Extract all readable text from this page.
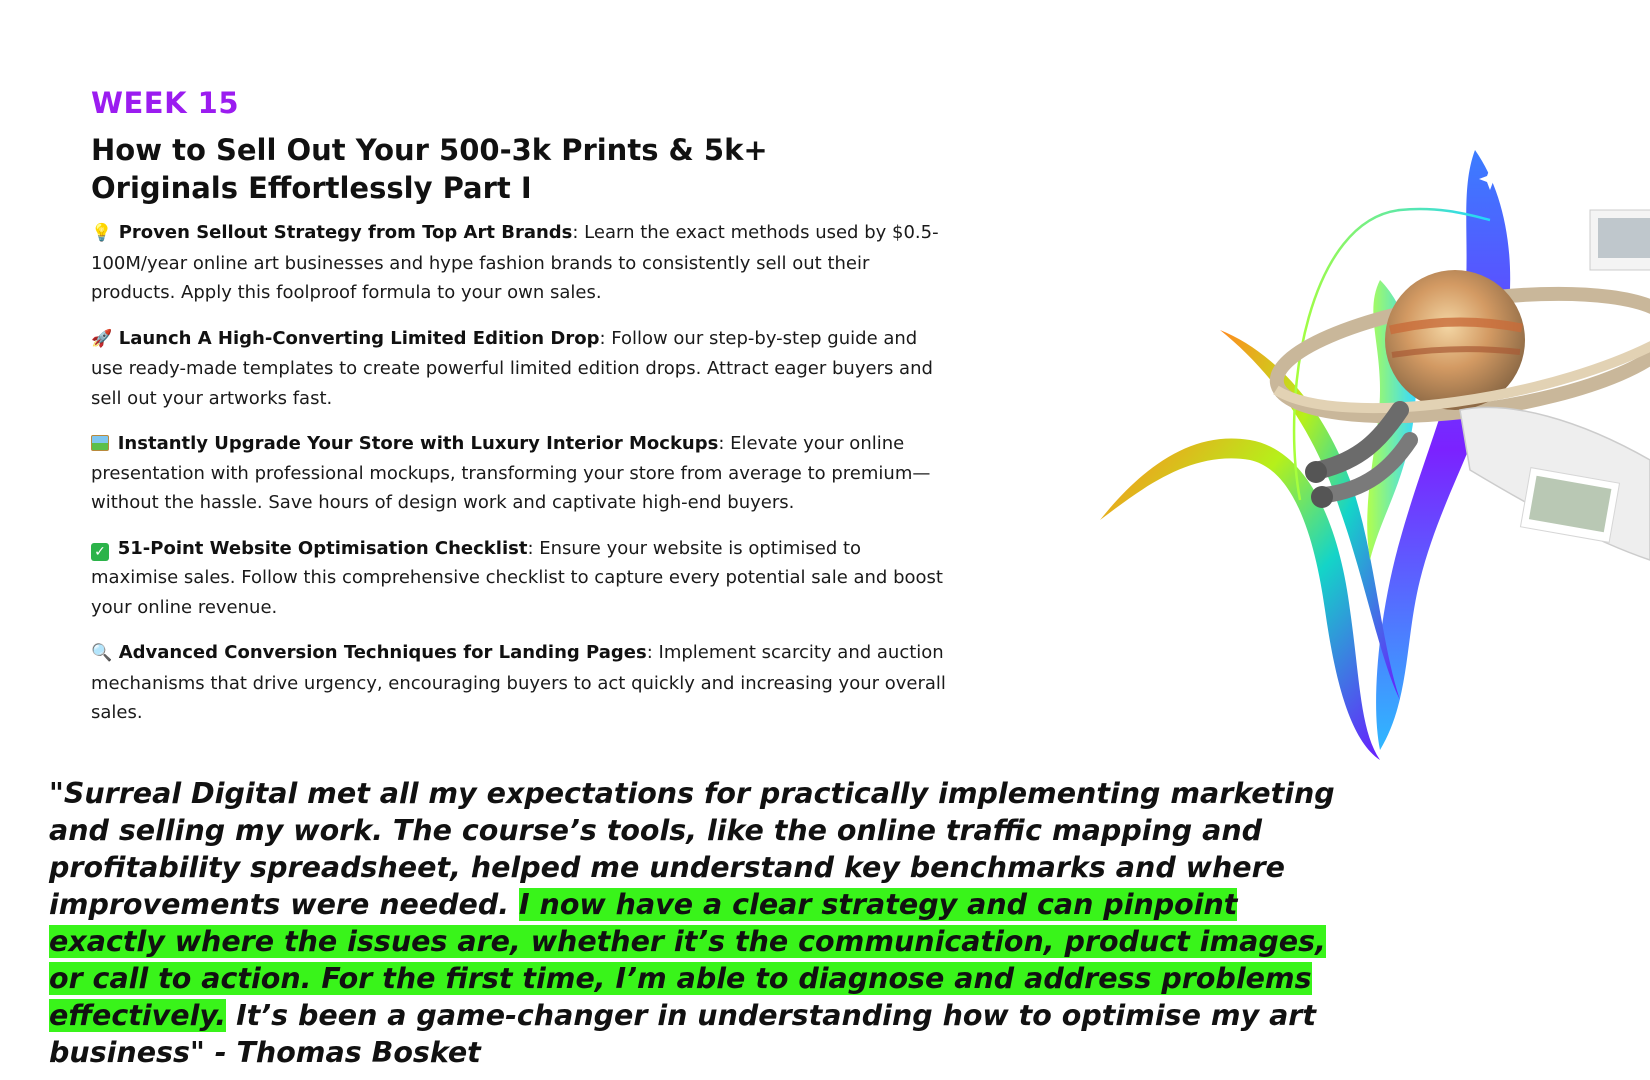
WEEK 15
How to Sell Out Your 500-3k Prints & 5k+ Originals Effortlessly Part I

💡 Proven Sellout Strategy from Top Art Brands: Learn the exact methods used by $0.5-100M/year online art businesses and hype fashion brands to consistently sell out their products. Apply this foolproof formula to your own sales.

🚀 Launch A High-Converting Limited Edition Drop: Follow our step-by-step guide and use ready-made templates to create powerful limited edition drops. Attract eager buyers and sell out your artworks fast.

Instantly Upgrade Your Store with Luxury Interior Mockups: Elevate your online presentation with professional mockups, transforming your store from average to premium—without the hassle. Save hours of design work and captivate high-end buyers.

✓ 51-Point Website Optimisation Checklist: Ensure your website is optimised to maximise sales. Follow this comprehensive checklist to capture every potential sale and boost your online revenue.

🔍 Advanced Conversion Techniques for Landing Pages: Implement scarcity and auction mechanisms that drive urgency, encouraging buyers to act quickly and increasing your overall sales.

"Surreal Digital met all my expectations for practically implementing marketing and selling my work. The course’s tools, like the online traffic mapping and profitability spreadsheet, helped me understand key benchmarks and where improvements were needed. I now have a clear strategy and can pinpoint exactly where the issues are, whether it’s the communication, product images, or call to action. For the first time, I’m able to diagnose and address problems effectively. It’s been a game-changer in understanding how to optimise my art business" - Thomas Bosket
